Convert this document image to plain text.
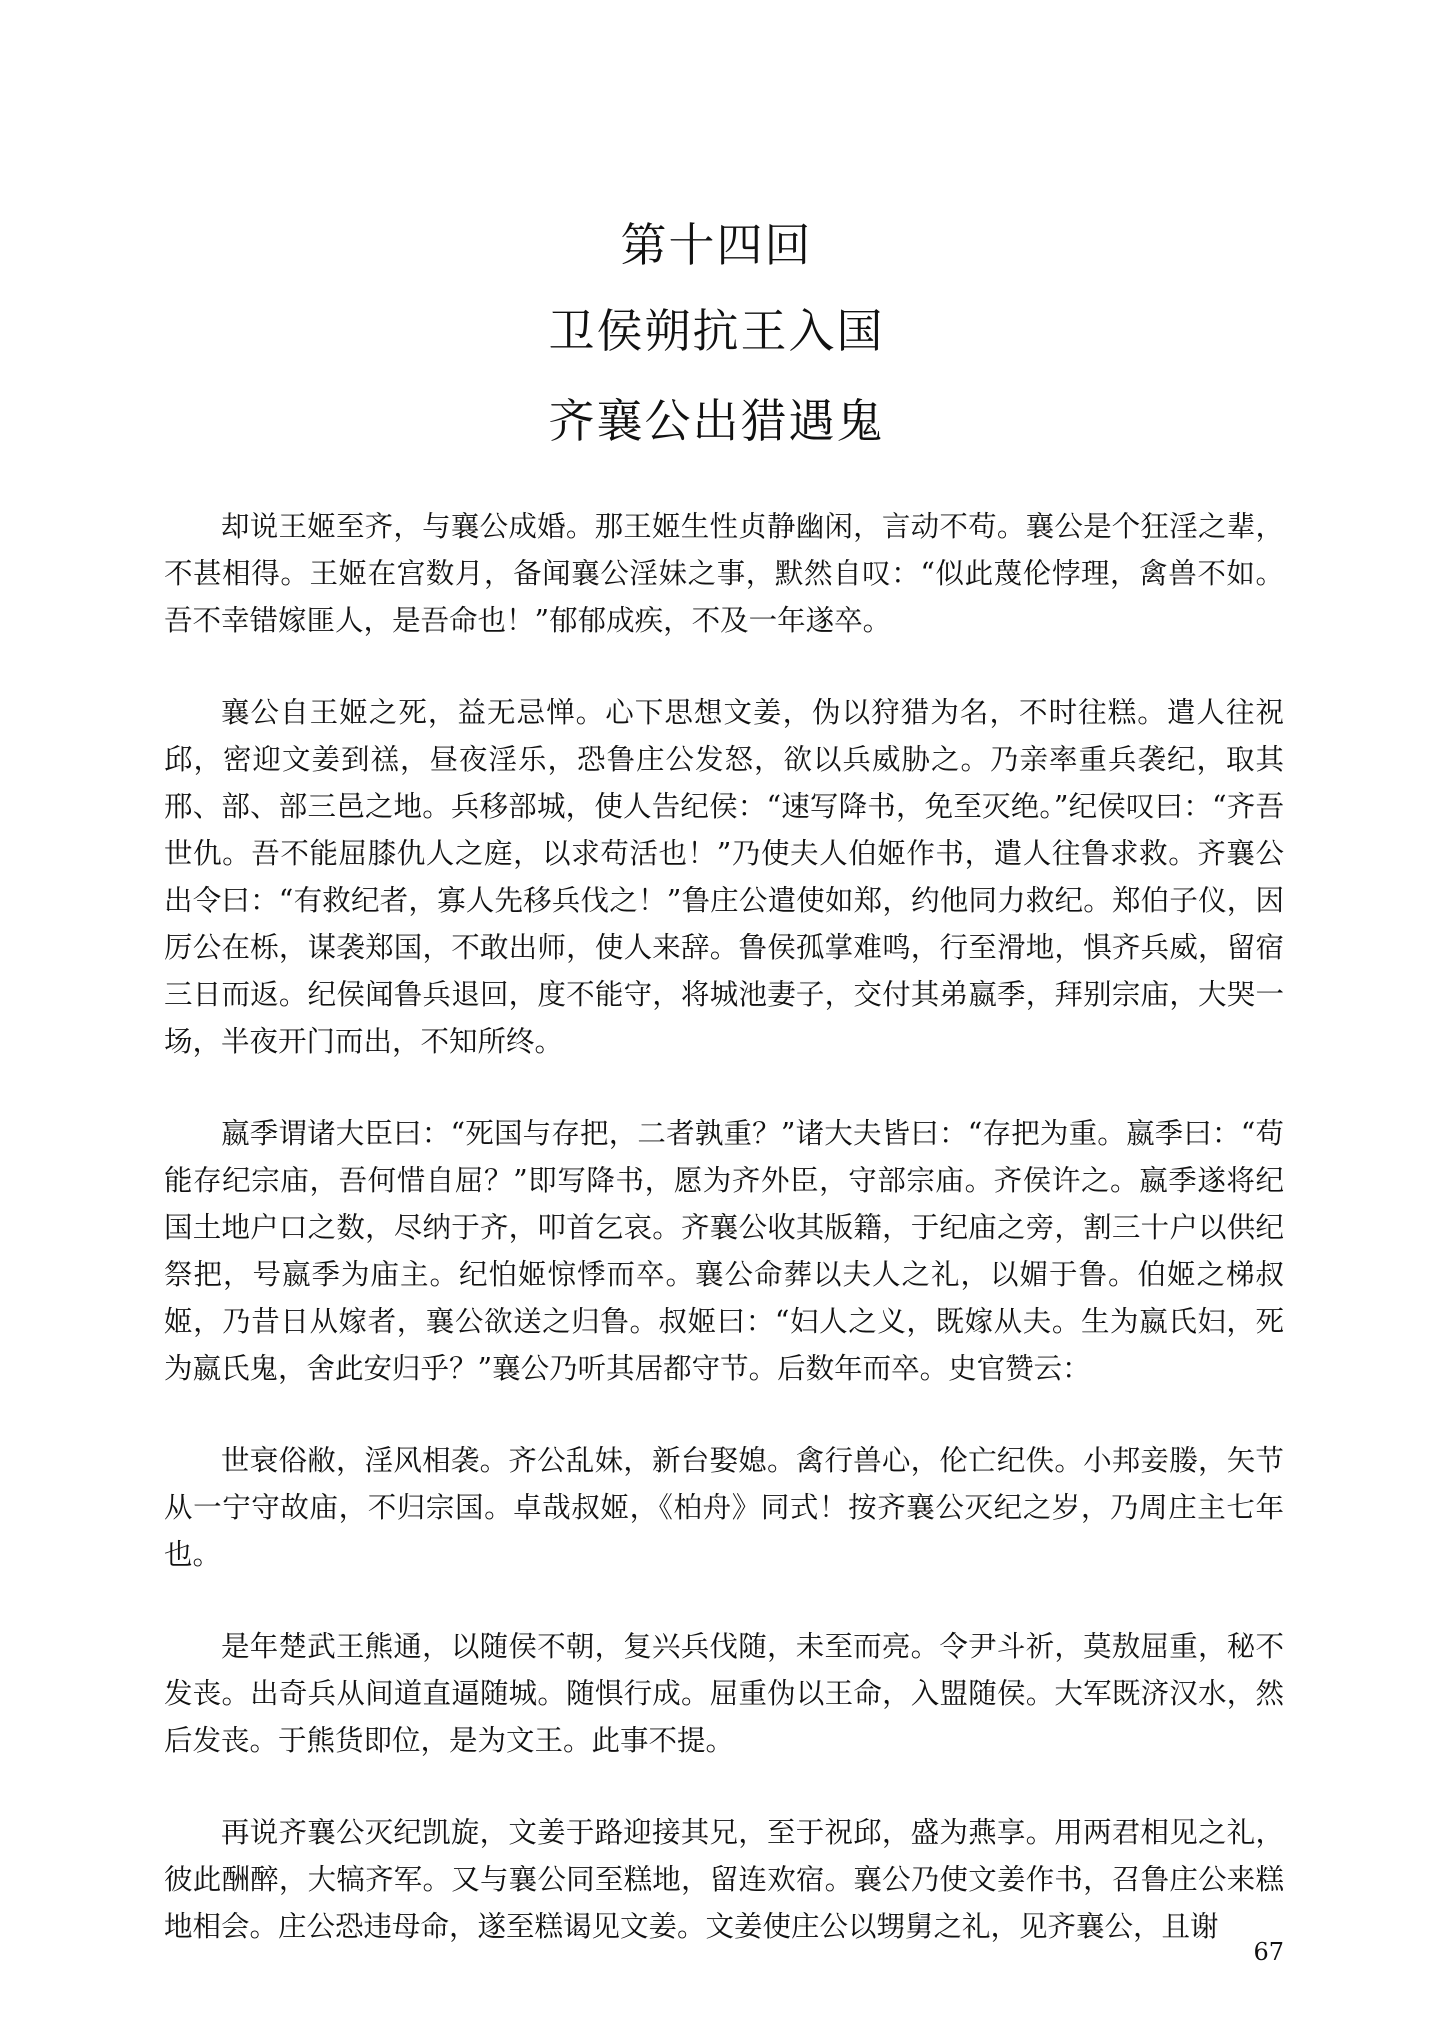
第十四回
卫侯朔抗王入国
齐襄公出猎遇鬼

却说王姬至齐，与襄公成婚。那王姬生性贞静幽闲，言动不苟。襄公是个狂淫之辈，不甚相得。王姬在宫数月，备闻襄公淫妹之事，默然自叹：“似此蔑伦悖理，禽兽不如。吾不幸错嫁匪人，是吾命也！”郁郁成疾，不及一年遂卒。

襄公自王姬之死，益无忌惮。心下思想文姜，伪以狩猎为名，不时往糕。遣人往祝邱，密迎文姜到禚，昼夜淫乐，恐鲁庄公发怒，欲以兵威胁之。乃亲率重兵袭纪，取其邢、部、部三邑之地。兵移部城，使人告纪侯：“速写降书，免至灭绝。”纪侯叹曰：“齐吾世仇。吾不能屈膝仇人之庭，以求苟活也！”乃使夫人伯姬作书，遣人往鲁求救。齐襄公出令曰：“有救纪者，寡人先移兵伐之！”鲁庄公遣使如郑，约他同力救纪。郑伯子仪，因厉公在栎，谋袭郑国，不敢出师，使人来辞。鲁侯孤掌难鸣，行至滑地，惧齐兵威，留宿三日而返。纪侯闻鲁兵退回，度不能守，将城池妻子，交付其弟嬴季，拜别宗庙，大哭一场，半夜开门而出，不知所终。

嬴季谓诸大臣曰：“死国与存把，二者孰重？”诸大夫皆曰：“存把为重。嬴季曰：“苟能存纪宗庙，吾何惜自屈？”即写降书，愿为齐外臣，守部宗庙。齐侯许之。嬴季遂将纪国土地户口之数，尽纳于齐，叩首乞哀。齐襄公收其版籍，于纪庙之旁，割三十户以供纪祭把，号嬴季为庙主。纪怕姬惊悸而卒。襄公命葬以夫人之礼，以媚于鲁。伯姬之梯叔姬，乃昔日从嫁者，襄公欲送之归鲁。叔姬曰：“妇人之义，既嫁从夫。生为嬴氏妇，死为嬴氏鬼，舍此安归乎？”襄公乃听其居都守节。后数年而卒。史官赞云：

世衰俗敝，淫风相袭。齐公乱妹，新台娶媳。禽行兽心，伦亡纪佚。小邦妾媵，矢节从一宁守故庙，不归宗国。卓哉叔姬，《柏舟》同式！按齐襄公灭纪之岁，乃周庄主七年也。

是年楚武王熊通，以随侯不朝，复兴兵伐随，未至而亮。令尹斗祈，莫敖屈重，秘不发丧。出奇兵从间道直逼随城。随惧行成。屈重伪以王命，入盟随侯。大军既济汉水，然后发丧。于熊货即位，是为文王。此事不提。

再说齐襄公灭纪凯旋，文姜于路迎接其兄，至于祝邱，盛为燕享。用两君相见之礼，彼此酬醉，大犒齐军。又与襄公同至糕地，留连欢宿。襄公乃使文姜作书，召鲁庄公来糕地相会。庄公恐违母命，遂至糕谒见文姜。文姜使庄公以甥舅之礼，见齐襄公，且谢

67
